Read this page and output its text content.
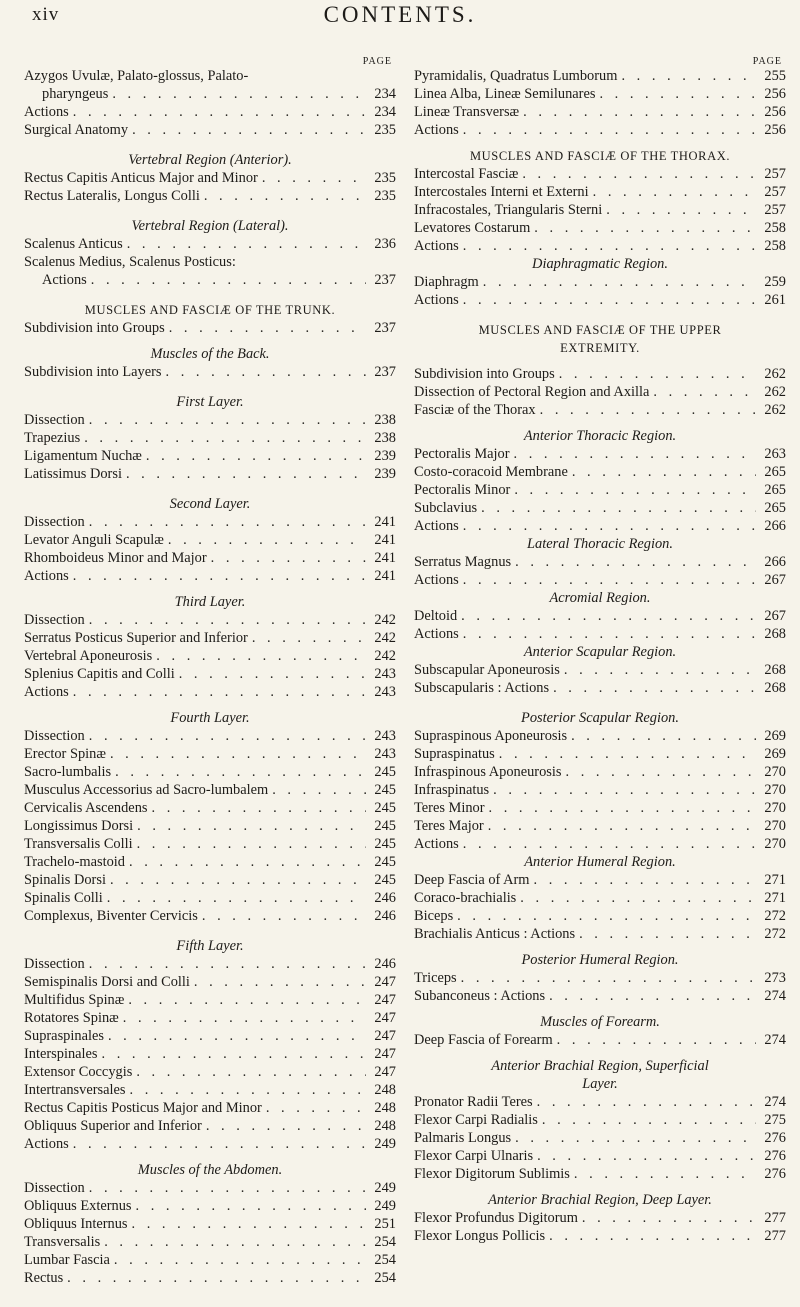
xiv	CONTENTS.
PAGE
Azygos Uvulæ, Palato-glossus, Palato-
pharyngeus . . .	234
Actions . . .	234
Surgical Anatomy . . .	235
Vertebral Region (Anterior).
Rectus Capitis Anticus Major and Minor . . .	235
Rectus Lateralis, Longus Colli . . .	235
Vertebral Region (Lateral).
Scalenus Anticus . . .	236
Scalenus Medius, Scalenus Posticus:
Actions . . .	237
MUSCLES AND FASCIÆ OF THE TRUNK.
Subdivision into Groups . . .	237
Muscles of the Back.
Subdivision into Layers . . .	237
First Layer.
Dissection . . .	238
Trapezius . . .	238
Ligamentum Nuchæ . . .	239
Latissimus Dorsi . . .	239
Second Layer.
Dissection . . .	241
Levator Anguli Scapulæ . . .	241
Rhomboideus Minor and Major . . .	241
Actions . . .	241
Third Layer.
Dissection . . .	242
Serratus Posticus Superior and Inferior . . .	242
Vertebral Aponeurosis . . .	242
Splenius Capitis and Colli . . .	243
Actions . . .	243
Fourth Layer.
Dissection . . .	243
Erector Spinæ . . .	243
Sacro-lumbalis . . .	245
Musculus Accessorius ad Sacro-lumbalem . . .	245
Cervicalis Ascendens . . .	245
Longissimus Dorsi . . .	245
Transversalis Colli . . .	245
Trachelo-mastoid . . .	245
Spinalis Dorsi . . .	245
Spinalis Colli . . .	246
Complexus, Biventer Cervicis . . .	246
Fifth Layer.
Dissection . . .	246
Semispinalis Dorsi and Colli . . .	247
Multifidus Spinæ . . .	247
Rotatores Spinæ . . .	247
Supraspinales . . .	247
Interspinales . . .	247
Extensor Coccygis . . .	247
Intertransversales . . .	248
Rectus Capitis Posticus Major and Minor . . .	248
Obliquus Superior and Inferior . . .	248
Actions . . .	249
Muscles of the Abdomen.
Dissection . . .	249
Obliquus Externus . . .	249
Obliquus Internus . . .	251
Transversalis . . .	254
Lumbar Fascia . . .	254
Rectus . . .	254
PAGE
Pyramidalis, Quadratus Lumborum . . .	255
Linea Alba, Lineæ Semilunares . . .	256
Lineæ Transversæ . . .	256
Actions . . .	256
MUSCLES AND FASCIÆ OF THE THORAX.
Intercostal Fasciæ . . .	257
Intercostales Interni et Externi . . .	257
Infracostales, Triangularis Sterni . . .	257
Levatores Costarum . . .	258
Actions . . .	258
Diaphragmatic Region.
Diaphragm . . .	259
Actions . . .	261
MUSCLES AND FASCIÆ OF THE UPPER
EXTREMITY.
Subdivision into Groups . . .	262
Dissection of Pectoral Region and Axilla . . .	262
Fasciæ of the Thorax . . .	262
Anterior Thoracic Region.
Pectoralis Major . . .	263
Costo-coracoid Membrane . . .	265
Pectoralis Minor . . .	265
Subclavius . . .	265
Actions . . .	266
Lateral Thoracic Region.
Serratus Magnus . . .	266
Actions . . .	267
Acromial Region.
Deltoid . . .	267
Actions . . .	268
Anterior Scapular Region.
Subscapular Aponeurosis . . .	268
Subscapularis : Actions . . .	268
Posterior Scapular Region.
Supraspinous Aponeurosis . . .	269
Supraspinatus . . .	269
Infraspinous Aponeurosis . . .	270
Infraspinatus . . .	270
Teres Minor . . .	270
Teres Major . . .	270
Actions . . .	270
Anterior Humeral Region.
Deep Fascia of Arm . . .	271
Coraco-brachialis . . .	271
Biceps . . .	272
Brachialis Anticus : Actions . . .	272
Posterior Humeral Region.
Triceps . . .	273
Subanconeus : Actions . . .	274
Muscles of Forearm.
Deep Fascia of Forearm . . .	274
Anterior Brachial Region, Superficial
Layer.
Pronator Radii Teres . . .	274
Flexor Carpi Radialis . . .	275
Palmaris Longus . . .	276
Flexor Carpi Ulnaris . . .	276
Flexor Digitorum Sublimis . . .	276
Anterior Brachial Region, Deep Layer.
Flexor Profundus Digitorum . . .	277
Flexor Longus Pollicis . . .	277
